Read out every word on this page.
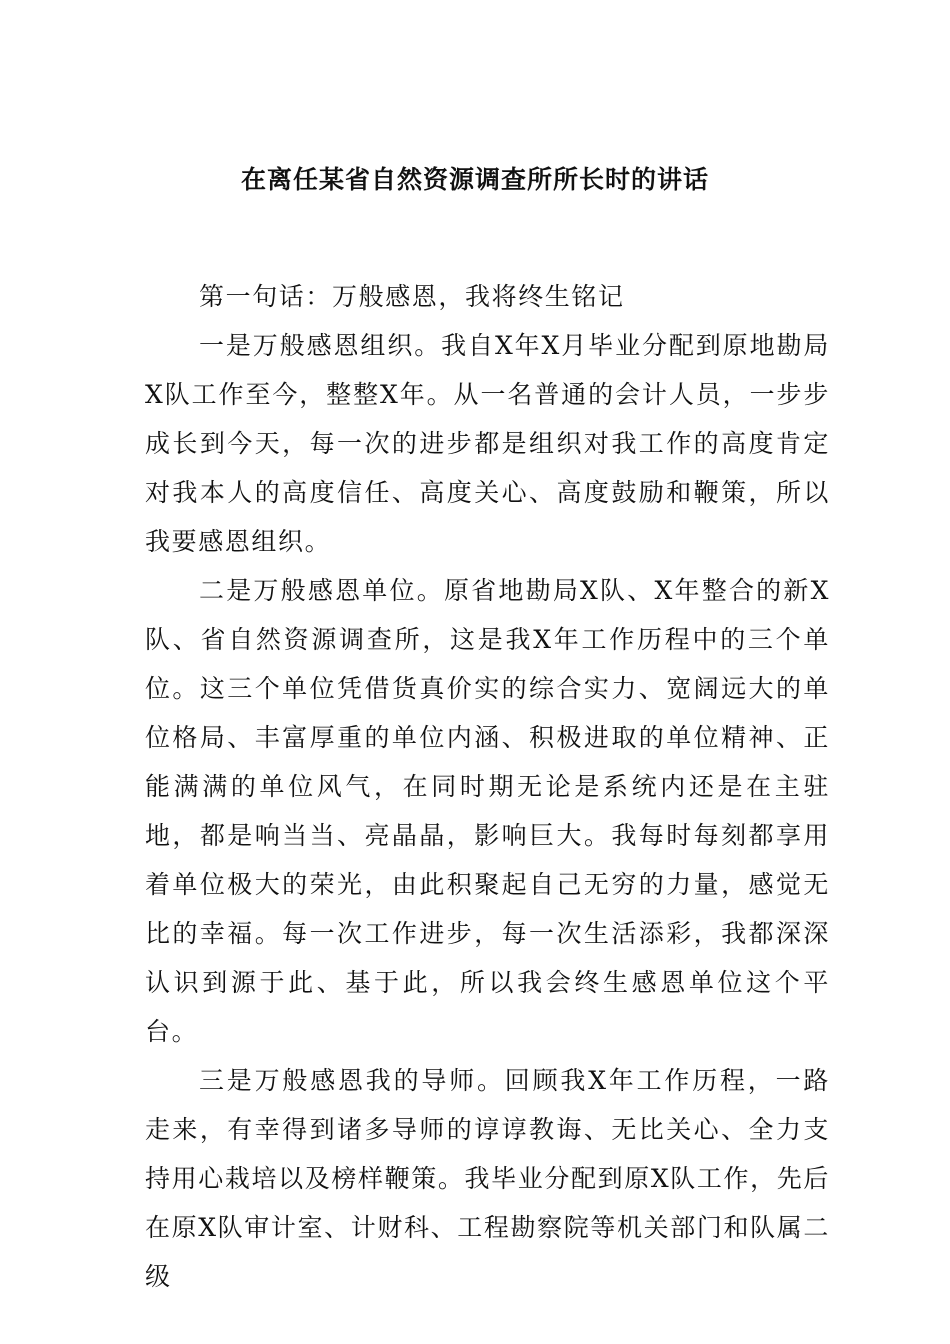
在离任某省自然资源调查所所长时的讲话

第一句话：万般感恩，我将终生铭记

一是万般感恩组织。我自X年X月毕业分配到原地勘局X队工作至今，整整X年。从一名普通的会计人员，一步步成长到今天，每一次的进步都是组织对我工作的高度肯定对我本人的高度信任、高度关心、高度鼓励和鞭策，所以我要感恩组织。

二是万般感恩单位。原省地勘局X队、X年整合的新X队、省自然资源调查所，这是我X年工作历程中的三个单位。这三个单位凭借货真价实的综合实力、宽阔远大的单位格局、丰富厚重的单位内涵、积极进取的单位精神、正能满满的单位风气，在同时期无论是系统内还是在主驻地，都是响当当、亮晶晶，影响巨大。我每时每刻都享用着单位极大的荣光，由此积聚起自己无穷的力量，感觉无比的幸福。每一次工作进步，每一次生活添彩，我都深深认识到源于此、基于此，所以我会终生感恩单位这个平台。

三是万般感恩我的导师。回顾我X年工作历程，一路走来，有幸得到诸多导师的谆谆教诲、无比关心、全力支持用心栽培以及榜样鞭策。我毕业分配到原X队工作，先后在原X队审计室、计财科、工程勘察院等机关部门和队属二级
